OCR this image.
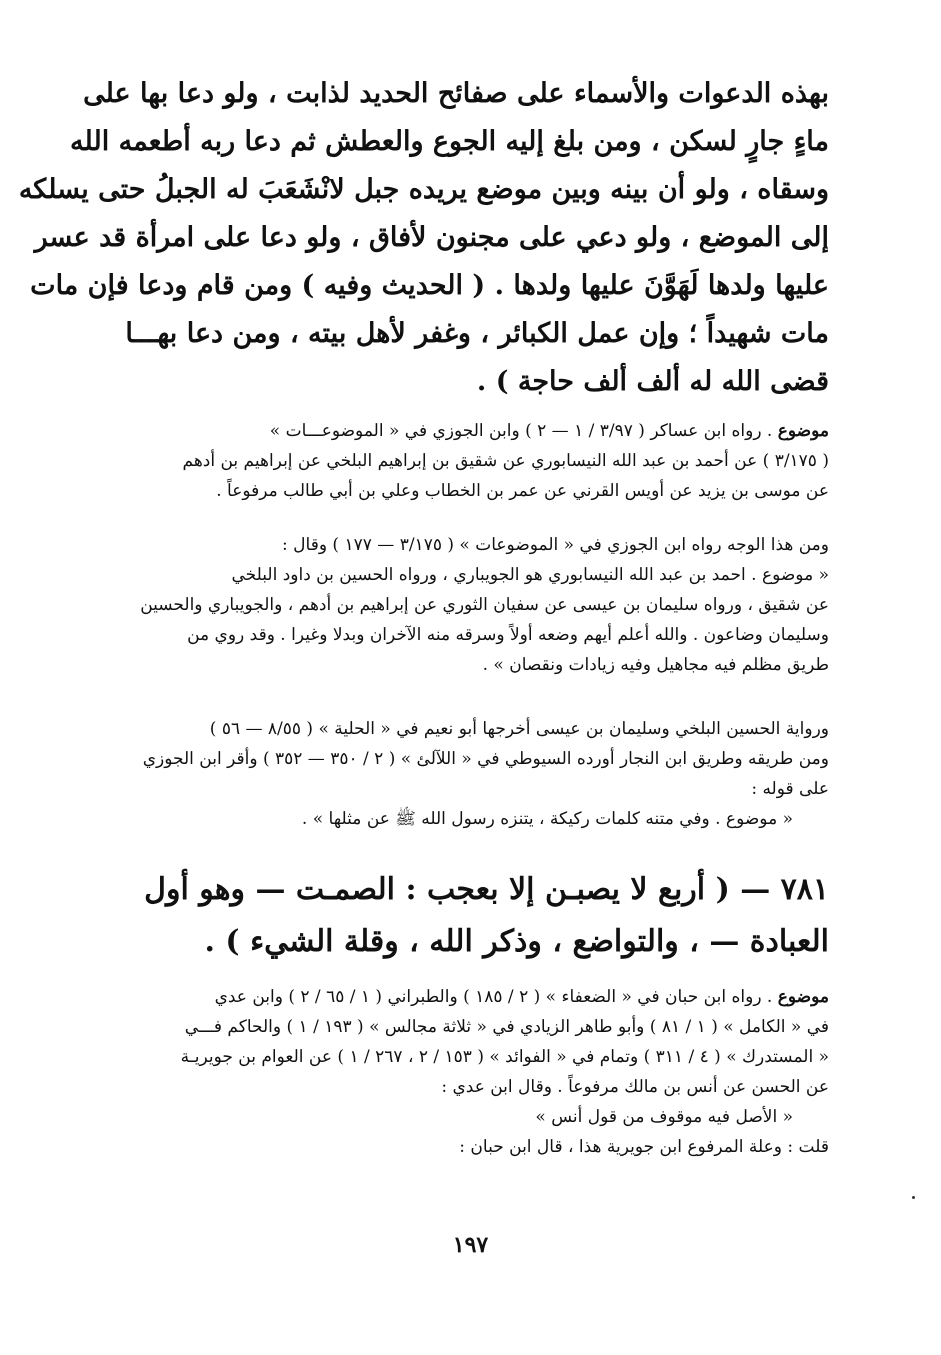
بهذه الدعوات والأسماء على صفائح الحديد لذابت ، ولو دعا بها على
ماءٍ جارٍ لسكن ، ومن بلغ إليه الجوع والعطش ثم دعا ربه أطعمه الله
وسقاه ، ولو أن بينه وبين موضع يريده جبل لانْشَعَبَ له الجبلُ حتى يسلكه
إلى الموضع ، ولو دعي على مجنون لأفاق ، ولو دعا على امرأة قد عسر
عليها ولدها لَهَوَّنَ عليها ولدها . ( الحديث وفيه ) ومن قام ودعا فإن مات
مات شهيداً ؛ وإن عمل الكبائر ، وغفر لأهل بيته ، ومن دعا بهـــا
قضى الله له ألف ألف حاجة ) .
موضوع . رواه ابن عساكر ( ٣/٩٧ / ١ — ٢ ) وابن الجوزي في « الموضوعـــات »
( ٣/١٧٥ ) عن أحمد بن عبد الله النيسابوري عن شقيق بن إبراهيم البلخي عن إبراهيم بن أدهم
عن موسى بن يزيد عن أويس القرني عن عمر بن الخطاب وعلي بن أبي طالب مرفوعاً .
ومن هذا الوجه رواه ابن الجوزي في « الموضوعات » ( ٣/١٧٥ — ١٧٧ ) وقال :
« موضوع . احمد بن عبد الله النيسابوري هو الجويباري ، ورواه الحسين بن داود البلخي
عن شقيق ، ورواه سليمان بن عيسى عن سفيان الثوري عن إبراهيم بن أدهم ، والجويباري والحسين
وسليمان وضاعون . والله أعلم أيهم وضعه أولاً وسرقه منه الآخران وبدلا وغيرا . وقد روي من
طريق مظلم فيه مجاهيل وفيه زيادات ونقصان » .
ورواية الحسين البلخي وسليمان بن عيسى أخرجها أبو نعيم في « الحلية » ( ٨/٥٥ — ٥٦ )
ومن طريقه وطريق ابن النجار أورده السيوطي في « اللآلئ » ( ٢ / ٣٥٠ — ٣٥٢ ) وأقر ابن الجوزي
على قوله :
« موضوع . وفي متنه كلمات ركيكة ، يتنزه رسول الله ﷺ عن مثلها » .
٧٨١ — ( أربع لا يصبـن إلا بعجب : الصمـت — وهو أول
العبادة — ، والتواضع ، وذكر الله ، وقلة الشيء ) .
موضوع . رواه ابن حبان في « الضعفاء » ( ٢ / ١٨٥ ) والطبراني ( ١ / ٦٥ / ٢ ) وابن عدي
في « الكامل » ( ١ / ٨١ ) وأبو طاهر الزيادي في « ثلاثة مجالس » ( ١٩٣ / ١ ) والحاكم فـــي
« المستدرك » ( ٤ / ٣١١ ) وتمام في « الفوائد » ( ١٥٣ / ٢ ، ٢٦٧ / ١ ) عن العوام بن جويريـة
عن الحسن عن أنس بن مالك مرفوعاً . وقال ابن عدي :
« الأصل فيه موقوف من قول أنس »
قلت : وعلة المرفوع ابن جويرية هذا ، قال ابن حبان :
١٩٧
